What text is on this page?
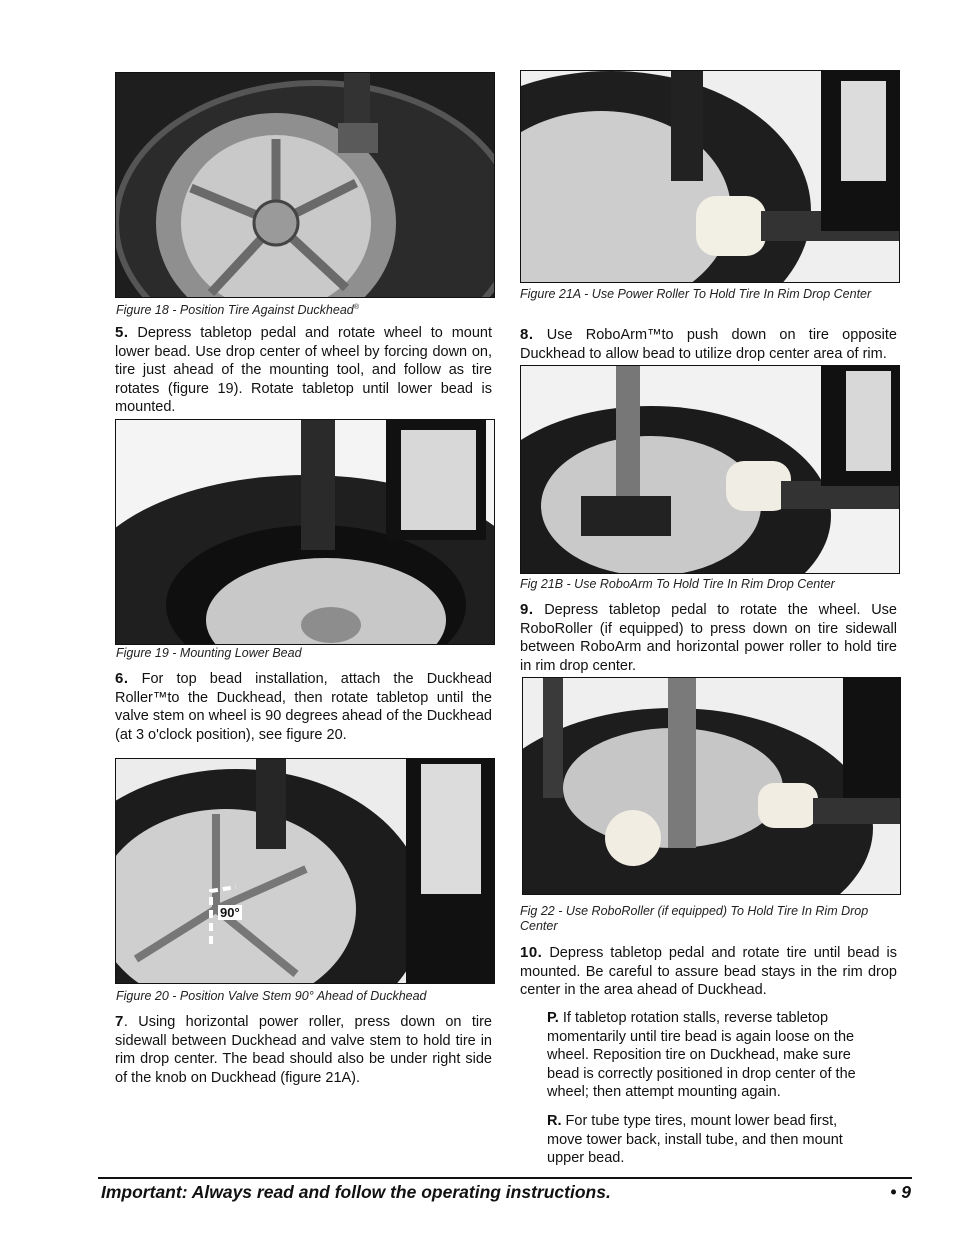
Figure 18 - Position Tire Against Duckhead®
5. Depress tabletop pedal and rotate wheel to mount lower bead. Use drop center of wheel by forcing down on, tire just ahead of the mounting tool, and follow as tire rotates (figure 19). Rotate tabletop until lower bead is mounted.
Figure 19 - Mounting Lower Bead
6. For top bead installation, attach the Duckhead Roller™to the Duckhead, then rotate tabletop until the valve stem on wheel is 90 degrees ahead of the Duckhead (at 3 o'clock position), see figure 20.
90°
Figure 20 - Position Valve Stem 90° Ahead of Duckhead
7. Using horizontal power roller, press down on tire sidewall between Duckhead and valve stem to hold tire in rim drop center. The bead should also be under right side of the knob on Duckhead (figure 21A).
Figure 21A - Use Power Roller To Hold Tire In Rim Drop Center
8. Use RoboArm™to push down on tire opposite Duckhead to allow bead to utilize drop center area of rim.
Fig 21B - Use RoboArm To Hold Tire In Rim Drop Center
9. Depress tabletop pedal to rotate the wheel. Use RoboRoller (if equipped) to press down on tire sidewall between RoboArm and horizontal power roller to hold tire in rim drop center.
Fig 22 - Use RoboRoller (if equipped) To Hold Tire In Rim Drop Center
10. Depress tabletop pedal and rotate tire until bead is mounted. Be careful to assure bead stays in the rim drop center in the area ahead of Duckhead.
P. If tabletop rotation stalls, reverse tabletop momentarily until tire bead is again loose on the wheel. Reposition tire on Duckhead, make sure bead is correctly positioned in drop center of the wheel; then attempt mounting again.
R. For tube type tires, mount lower bead first, move tower back, install tube, and then mount upper bead.
Important: Always read and follow the operating instructions.	• 9
